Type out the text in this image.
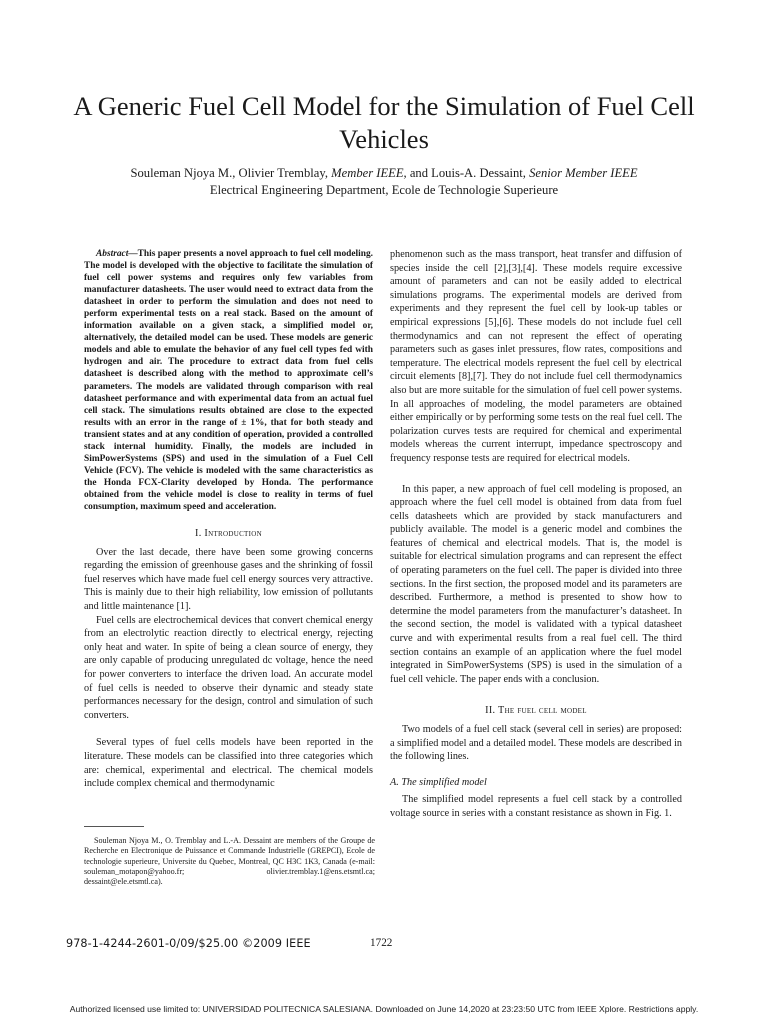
A Generic Fuel Cell Model for the Simulation of Fuel Cell Vehicles
Souleman Njoya M., Olivier Tremblay, Member IEEE, and Louis-A. Dessaint, Senior Member IEEE
Electrical Engineering Department, Ecole de Technologie Superieure

Abstract—This paper presents a novel approach to fuel cell modeling. The model is developed with the objective to facilitate the simulation of fuel cell power systems and requires only few variables from manufacturer datasheets. The user would need to extract data from the datasheet in order to perform the simulation and does not need to perform experimental tests on a real stack. Based on the amount of information available on a given stack, a simplified model or, alternatively, the detailed model can be used. These models are generic models and able to emulate the behavior of any fuel cell types fed with hydrogen and air. The procedure to extract data from fuel cells datasheet is described along with the method to approximate cell’s parameters. The models are validated through comparison with real datasheet performance and with experimental data from an actual fuel cell stack. The simulations results obtained are close to the expected results with an error in the range of ± 1%, that for both steady and transient states and at any condition of operation, provided a controlled stack internal humidity. Finally, the models are included in SimPowerSystems (SPS) and used in the simulation of a Fuel Cell Vehicle (FCV). The vehicle is modeled with the same characteristics as the Honda FCX-Clarity developed by Honda. The performance obtained from the vehicle model is close to reality in terms of fuel consumption, maximum speed and acceleration.

I. Introduction

Over the last decade, there have been some growing concerns regarding the emission of greenhouse gases and the shrinking of fossil fuel reserves which have made fuel cell energy sources very attractive. This is mainly due to their high reliability, low emission of pollutants and little maintenance [1].

Fuel cells are electrochemical devices that convert chemical energy from an electrolytic reaction directly to electrical energy, rejecting only heat and water. In spite of being a clean source of energy, they are only capable of producing unregulated dc voltage, hence the need for power converters to interface the driven load. An accurate model of fuel cells is needed to observe their dynamic and steady state performances necessary for the design, control and simulation of such converters.

Several types of fuel cells models have been reported in the literature. These models can be classified into three categories which are: chemical, experimental and electrical. The chemical models include complex chemical and thermodynamic

phenomenon such as the mass transport, heat transfer and diffusion of species inside the cell [2],[3],[4]. These models require excessive amount of parameters and can not be easily added to electrical simulations programs. The experimental models are derived from experiments and they represent the fuel cell by look-up tables or empirical expressions [5],[6]. These models do not include fuel cell thermodynamics and can not represent the effect of operating parameters such as gases inlet pressures, flow rates, compositions and temperature. The electrical models represent the fuel cell by electrical circuit elements [8],[7]. They do not include fuel cell thermodynamics also but are more suitable for the simulation of fuel cell power systems. In all approaches of modeling, the model parameters are obtained either empirically or by performing some tests on the real fuel cell. The polarization curves tests are required for chemical and experimental models whereas the current interrupt, impedance spectroscopy and frequency response tests are required for electrical models.

In this paper, a new approach of fuel cell modeling is proposed, an approach where the fuel cell model is obtained from data from fuel cells datasheets which are provided by stack manufacturers and publicly available. The model is a generic model and combines the features of chemical and electrical models. That is, the model is suitable for electrical simulation programs and can represent the effect of operating parameters on the fuel cell. The paper is divided into three sections. In the first section, the proposed model and its parameters are described. Furthermore, a method is presented to show how to determine the model parameters from the manufacturer’s datasheet. In the second section, the model is validated with a typical datasheet curve and with experimental results from a real fuel cell. The third section contains an example of an application where the fuel model integrated in SimPowerSystems (SPS) is used in the simulation of a fuel cell vehicle. The paper ends with a conclusion.

II. The fuel cell model

Two models of a fuel cell stack (several cell in series) are proposed: a simplified model and a detailed model. These models are described in the following lines.

A. The simplified model

The simplified model represents a fuel cell stack by a controlled voltage source in series with a constant resistance as shown in Fig. 1.

Souleman Njoya M., O. Tremblay and L.-A. Dessaint are members of the Groupe de Recherche en Electronique de Puissance et Commande Industrielle (GREPCI), Ecole de technologie superieure, Universite du Quebec, Montreal, QC H3C 1K3, Canada (e-mail: souleman_motapon@yahoo.fr; olivier.tremblay.1@ens.etsmtl.ca; dessaint@ele.etsmtl.ca).

978-1-4244-2601-0/09/$25.00 ©2009 IEEE	1722
Authorized licensed use limited to: UNIVERSIDAD POLITECNICA SALESIANA. Downloaded on June 14,2020 at 23:23:50 UTC from IEEE Xplore. Restrictions apply.
